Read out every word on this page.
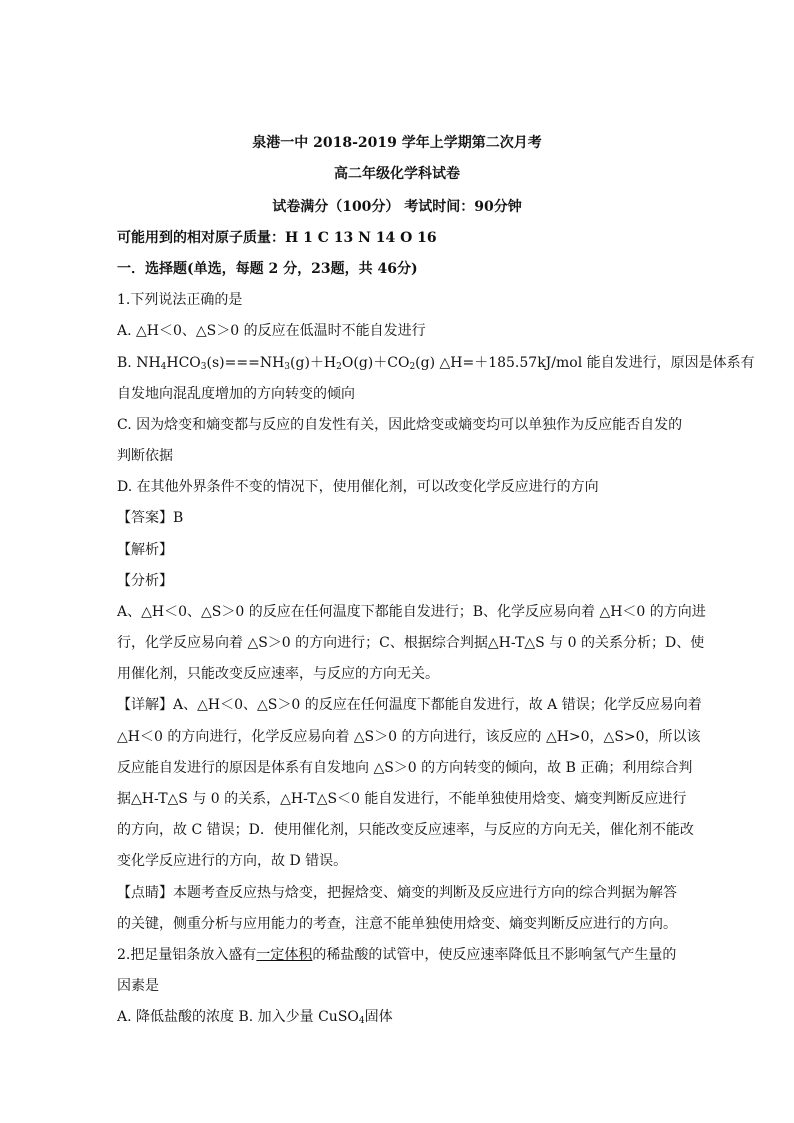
泉港一中 2018-2019 学年上学期第二次月考
高二年级化学科试卷
试卷满分（100分） 考试时间：90分钟
可能用到的相对原子质量：H 1 C 13 N 14 O 16
一．选择题(单选，每题 2 分，23题，共 46分)
1.下列说法正确的是
A. △H＜0、△S＞0 的反应在低温时不能自发进行
B. $NH_4HCO_3(s)===NH_3(g)+H_2O(g)+CO_2(g)$ △H=＋185.57kJ/mol 能自发进行，原因是体系有
自发地向混乱度增加的方向转变的倾向
C. 因为焓变和熵变都与反应的自发性有关，因此焓变或熵变均可以单独作为反应能否自发的
判断依据
D. 在其他外界条件不变的情况下，使用催化剂，可以改变化学反应进行的方向
【答案】B
【解析】
【分析】
A、△H＜0、△S＞0 的反应在任何温度下都能自发进行；B、化学反应易向着 △H＜0 的方向进
行，化学反应易向着 △S＞0 的方向进行；C、根据综合判据△H-T△S 与 0 的关系分析；D、使
用催化剂，只能改变反应速率，与反应的方向无关。
【详解】A、△H＜0、△S＞0 的反应在任何温度下都能自发进行，故 A 错误；化学反应易向着
△H＜0 的方向进行，化学反应易向着 △S＞0 的方向进行，该反应的 △H>0，△S>0，所以该
反应能自发进行的原因是体系有自发地向 △S＞0 的方向转变的倾向，故 B 正确；利用综合判
据△H-T△S 与 0 的关系，△H-T△S＜0 能自发进行，不能单独使用焓变、熵变判断反应进行
的方向，故 C 错误；D．使用催化剂，只能改变反应速率，与反应的方向无关，催化剂不能改
变化学反应进行的方向，故 D 错误。
【点睛】本题考查反应热与焓变，把握焓变、熵变的判断及反应进行方向的综合判据为解答
的关键，侧重分析与应用能力的考查，注意不能单独使用焓变、熵变判断反应进行的方向。
2.把足量铝条放入盛有一定体积的稀盐酸的试管中，使反应速率降低且不影响氢气产生量的
因素是
A. 降低盐酸的浓度 B. 加入少量 CuSO$_4$固体
